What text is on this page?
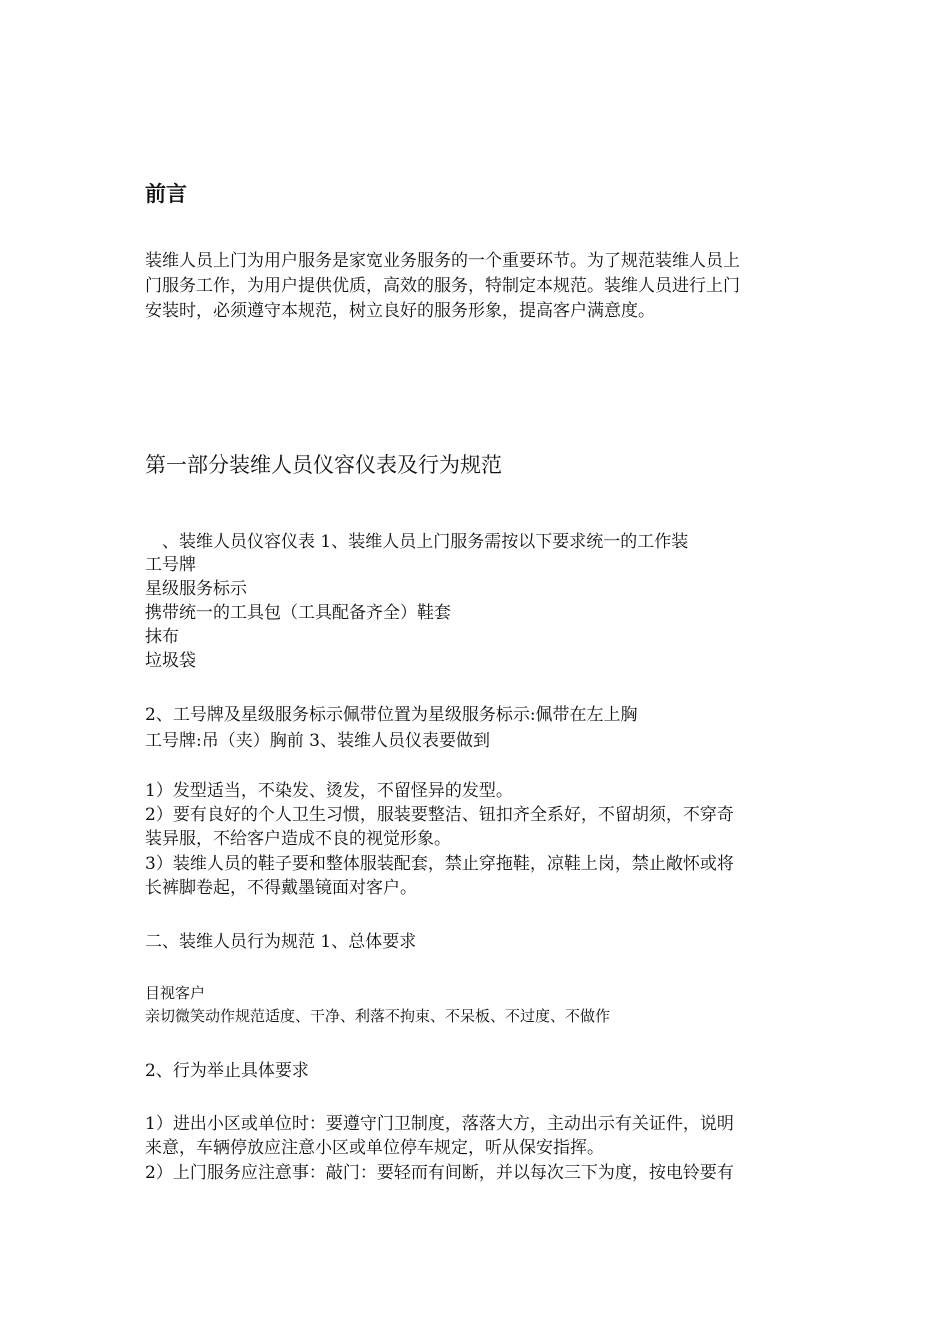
前言

装维人员上门为用户服务是家宽业务服务的一个重要环节。为了规范装维人员上

门服务工作，为用户提供优质，高效的服务，特制定本规范。装维人员进行上门

安装时，必须遵守本规范，树立良好的服务形象，提高客户满意度。

第一部分装维人员仪容仪表及行为规范

、装维人员仪容仪表 1、装维人员上门服务需按以下要求统一的工作装

工号牌

星级服务标示

携带统一的工具包（工具配备齐全）鞋套

抹布

垃圾袋

2、工号牌及星级服务标示佩带位置为星级服务标示:佩带在左上胸

工号牌:吊（夹）胸前 3、装维人员仪表要做到

1）发型适当，不染发、烫发，不留怪异的发型。

2）要有良好的个人卫生习惯，服装要整洁、钮扣齐全系好，不留胡须，不穿奇

装异服，不给客户造成不良的视觉形象。

3）装维人员的鞋子要和整体服装配套，禁止穿拖鞋，凉鞋上岗，禁止敞怀或将

长裤脚卷起，不得戴墨镜面对客户。

二、装维人员行为规范 1、总体要求

目视客户

亲切微笑动作规范适度、干净、利落不拘束、不呆板、不过度、不做作

2、行为举止具体要求

1）进出小区或单位时：要遵守门卫制度，落落大方，主动出示有关证件，说明

来意，车辆停放应注意小区或单位停车规定，听从保安指挥。

2）上门服务应注意事：敲门：要轻而有间断，并以每次三下为度，按电铃要有
